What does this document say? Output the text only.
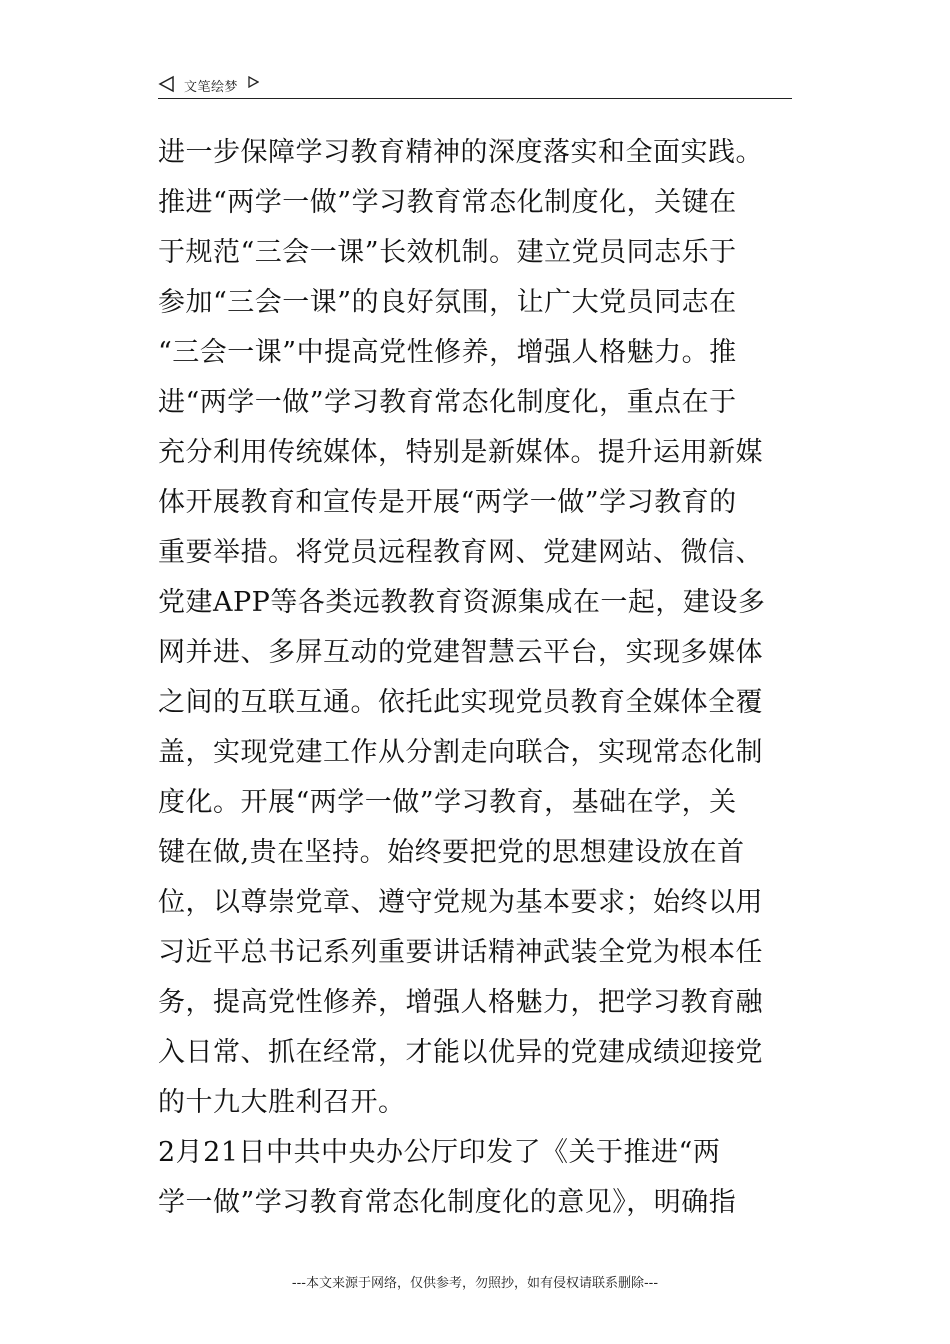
文笔绘梦

进一步保障学习教育精神的深度落实和全面实践。
推进“两学一做”学习教育常态化制度化，关键在
于规范“三会一课”长效机制。建立党员同志乐于
参加“三会一课”的良好氛围，让广大党员同志在
“三会一课”中提高党性修养，增强人格魅力。推
进“两学一做”学习教育常态化制度化，重点在于
充分利用传统媒体，特别是新媒体。提升运用新媒
体开展教育和宣传是开展“两学一做”学习教育的
重要举措。将党员远程教育网、党建网站、微信、
党建APP等各类远教教育资源集成在一起，建设多
网并进、多屏互动的党建智慧云平台，实现多媒体
之间的互联互通。依托此实现党员教育全媒体全覆
盖，实现党建工作从分割走向联合，实现常态化制
度化。开展“两学一做”学习教育，基础在学，关
键在做,贵在坚持。始终要把党的思想建设放在首
位，以尊崇党章、遵守党规为基本要求；始终以用
习近平总书记系列重要讲话精神武装全党为根本任
务，提高党性修养，增强人格魅力，把学习教育融
入日常、抓在经常，才能以优异的党建成绩迎接党
的十九大胜利召开。

2月21日中共中央办公厅印发了《关于推进“两
学一做”学习教育常态化制度化的意见》，明确指

---本文来源于网络，仅供参考，勿照抄，如有侵权请联系删除---
